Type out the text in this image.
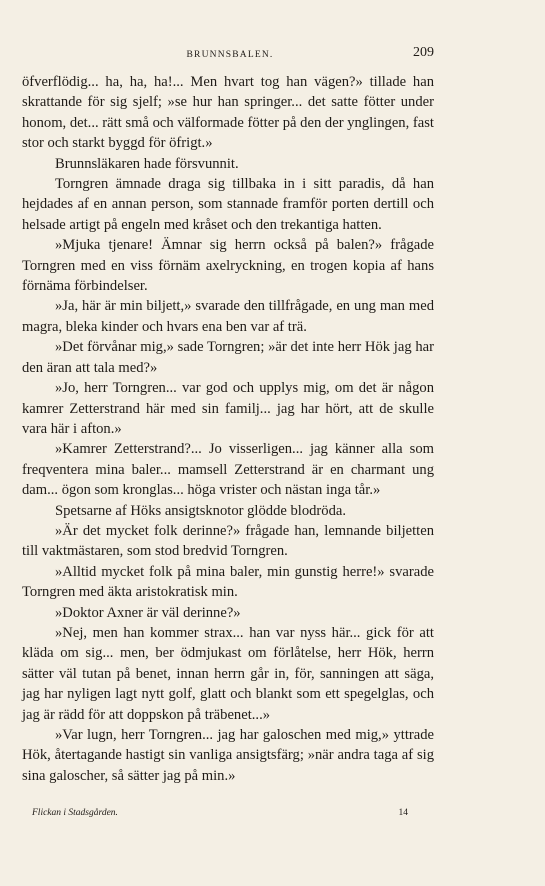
BRUNNSBALEN.	209

öfverflödig... ha, ha, ha!... Men hvart tog han vägen?» tillade han skrattande för sig sjelf; »se hur han springer... det satte fötter under honom, det... rätt små och välformade fötter på den der ynglingen, fast stor och starkt byggd för öfrigt.»

Brunnsläkaren hade försvunnit.

Torngren ämnade draga sig tillbaka in i sitt paradis, då han hejdades af en annan person, som stannade framför porten dertill och helsade artigt på engeln med kråset och den trekantiga hatten.

»Mjuka tjenare! Ämnar sig herrn också på balen?» frågade Torngren med en viss förnäm axelryckning, en trogen kopia af hans förnäma förbindelser.

»Ja, här är min biljett,» svarade den tillfrågade, en ung man med magra, bleka kinder och hvars ena ben var af trä.

»Det förvånar mig,» sade Torngren; »är det inte herr Hök jag har den äran att tala med?»

»Jo, herr Torngren... var god och upplys mig, om det är någon kamrer Zetterstrand här med sin familj... jag har hört, att de skulle vara här i afton.»

»Kamrer Zetterstrand?... Jo visserligen... jag känner alla som freqventera mina baler... mamsell Zetterstrand är en charmant ung dam... ögon som kronglas... höga vrister och nästan inga tår.»

Spetsarne af Höks ansigtsknotor glödde blodröda.

»Är det mycket folk derinne?» frågade han, lemnande biljetten till vaktmästaren, som stod bredvid Torngren.

»Alltid mycket folk på mina baler, min gunstig herre!» svarade Torngren med äkta aristokratisk min.

»Doktor Axner är väl derinne?»

»Nej, men han kommer strax... han var nyss här... gick för att kläda om sig... men, ber ödmjukast om förlåtelse, herr Hök, herrn sätter väl tutan på benet, innan herrn går in, för, sanningen att säga, jag har nyligen lagt nytt golf, glatt och blankt som ett spegelglas, och jag är rädd för att doppskon på träbenet...»

»Var lugn, herr Torngren... jag har galoschen med mig,» yttrade Hök, återtagande hastigt sin vanliga ansigtsfärg; »när andra taga af sig sina galoscher, så sätter jag på min.»

Flickan i Stadsgården.	14
